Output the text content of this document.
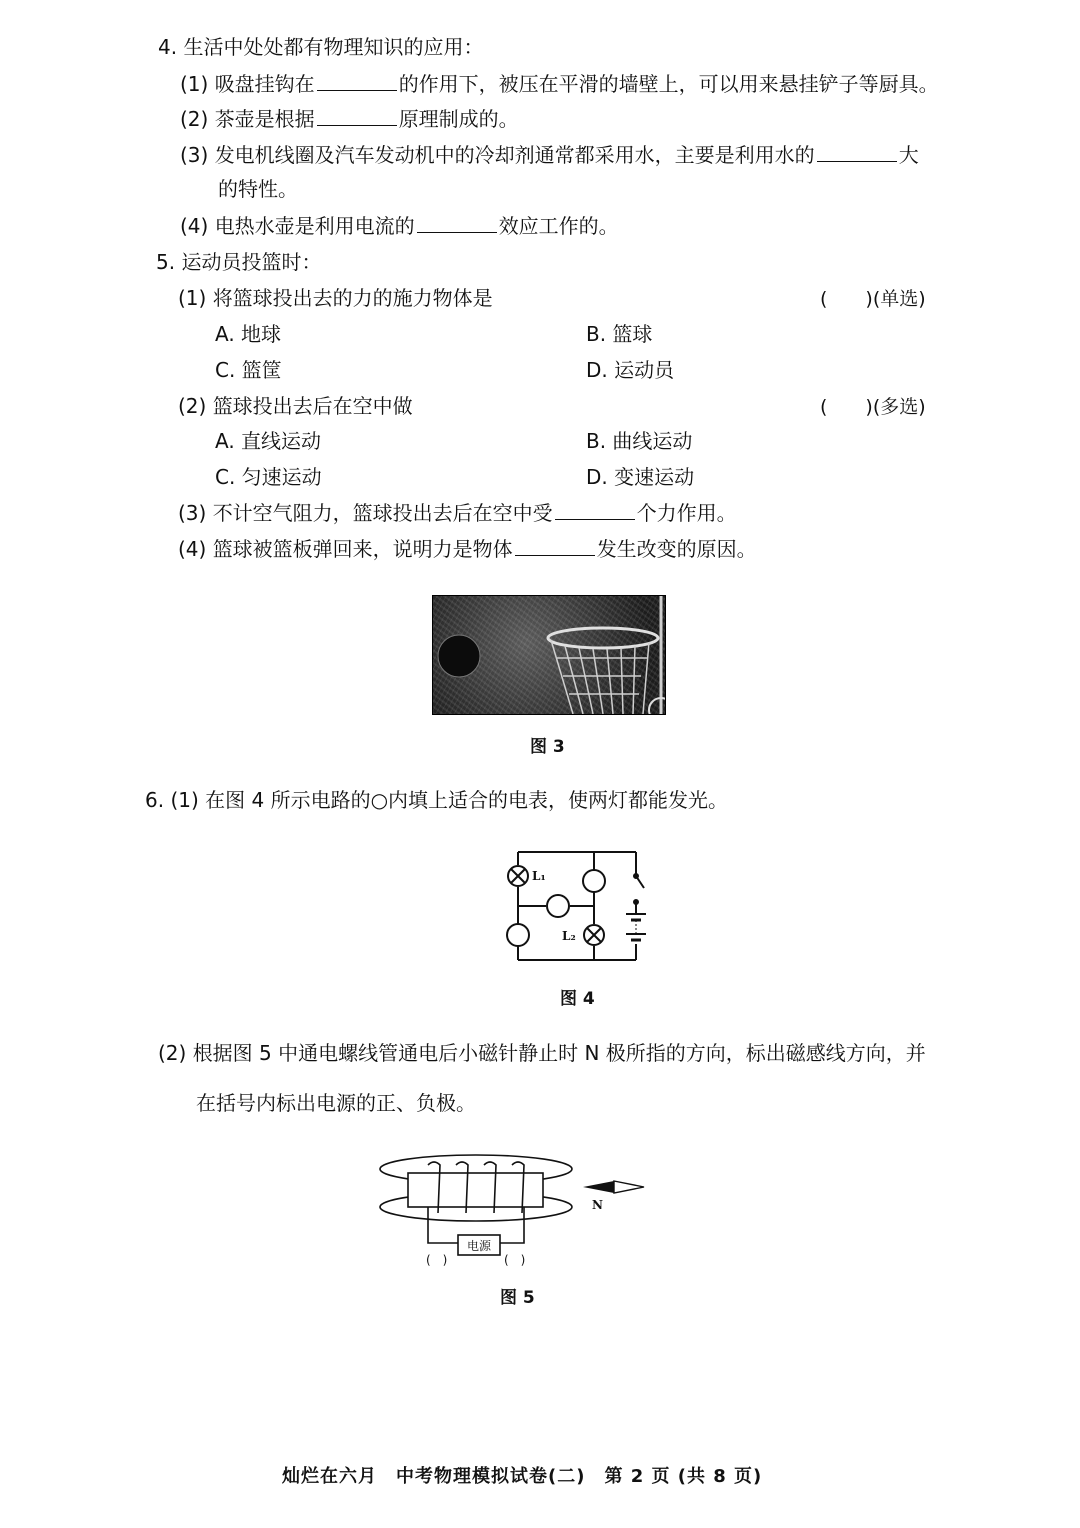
4. 生活中处处都有物理知识的应用：
(1) 吸盘挂钩在	的作用下，被压在平滑的墙壁上，可以用来悬挂铲子等厨具。
(2) 茶壶是根据	原理制成的。
(3) 发电机线圈及汽车发动机中的冷却剂通常都采用水，主要是利用水的	大
的特性。
(4) 电热水壶是利用电流的	效应工作的。
5. 运动员投篮时：
(1) 将篮球投出去的力的施力物体是	(　　)(单选)
A. 地球	B. 篮球
C. 篮筐	D. 运动员
(2) 篮球投出去后在空中做	(　　)(多选)
A. 直线运动	B. 曲线运动
C. 匀速运动	D. 变速运动
(3) 不计空气阻力，篮球投出去后在空中受	个力作用。
(4) 篮球被篮板弹回来，说明力是物体	发生改变的原因。
图 3
6. (1) 在图 4 所示电路的○内填上适合的电表，使两灯都能发光。
L₁
L₂
图 4
(2) 根据图 5 中通电螺线管通电后小磁针静止时 N 极所指的方向，标出磁感线方向，并
在括号内标出电源的正、负极。
N
电源
(　)	(　)
图 5
灿烂在六月　中考物理模拟试卷(二)　第 2 页 (共 8 页)
